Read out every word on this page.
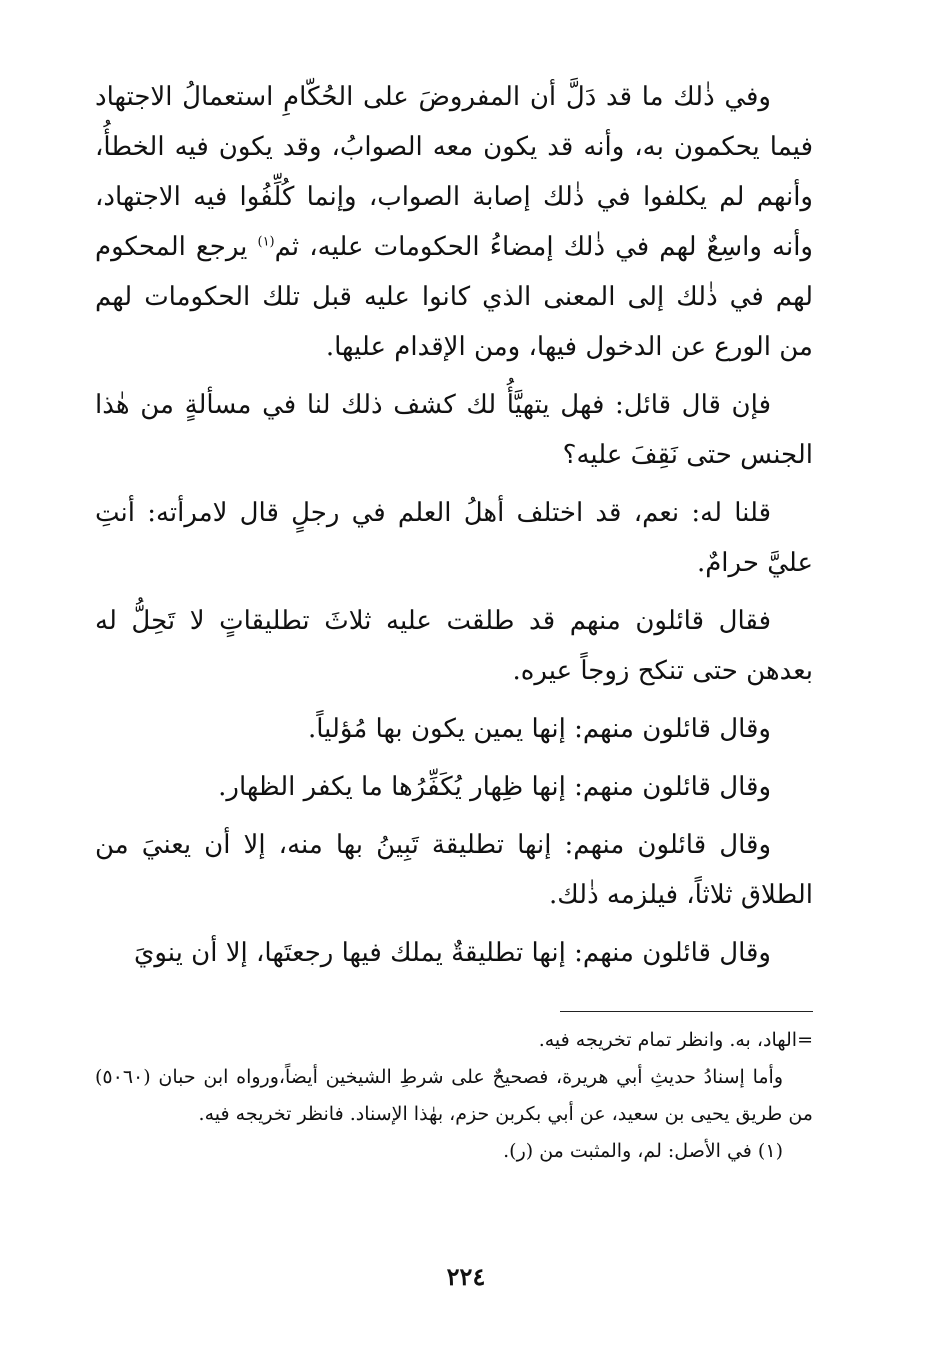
وفي ذٰلك ما قد دَلَّ أن المفروضَ على الحُكّامِ استعمالُ الاجتهاد فيما يحكمون به، وأنه قد يكون معه الصوابُ، وقد يكون فيه الخطأُ، وأنهم لم يكلفوا في ذٰلك إصابة الصواب، وإنما كُلِّفُوا فيه الاجتهاد، وأنه واسِعٌ لهم في ذٰلك إمضاءُ الحكومات عليه، ثم$^{(١)}$ يرجع المحكوم لهم في ذٰلك إلى المعنى الذي كانوا عليه قبل تلك الحكومات لهم من الورع عن الدخول فيها، ومن الإقدام عليها.

فإن قال قائل: فهل يتهيَّأُ لك كشف ذلك لنا في مسألةٍ من هٰذا الجنس حتى نَقِفَ عليه؟

قلنا له: نعم، قد اختلف أهلُ العلم في رجلٍ قال لامرأته: أنتِ عليَّ حرامٌ.

فقال قائلون منهم قد طلقت عليه ثلاثَ تطليقاتٍ لا تَحِلُّ له بعدهن حتى تنكح زوجاً عيره.

وقال قائلون منهم: إنها يمين يكون بها مُؤلياً.

وقال قائلون منهم: إنها ظِهار يُكَفِّرُها ما يكفر الظهار.

وقال قائلون منهم: إنها تطليقة تَبِينُ بها منه، إلا أن يعنيَ من الطلاق ثلاثاً، فيلزمه ذٰلك.

وقال قائلون منهم: إنها تطليقةٌ يملك فيها رجعتَها، إلا أن ينويَ

=الهاد، به. وانظر تمام تخريجه فيه.

وأما إسنادُ حديثِ أبي هريرة، فصحيحٌ على شرطِ الشيخين أيضاً،ورواه ابن حبان (٥٠٦٠) من طريق يحيى بن سعيد، عن أبي بكربن حزم، بهٰذا الإسناد. فانظر تخريجه فيه.

(١) في الأصل: لم، والمثبت من (ر).

٢٢٤
